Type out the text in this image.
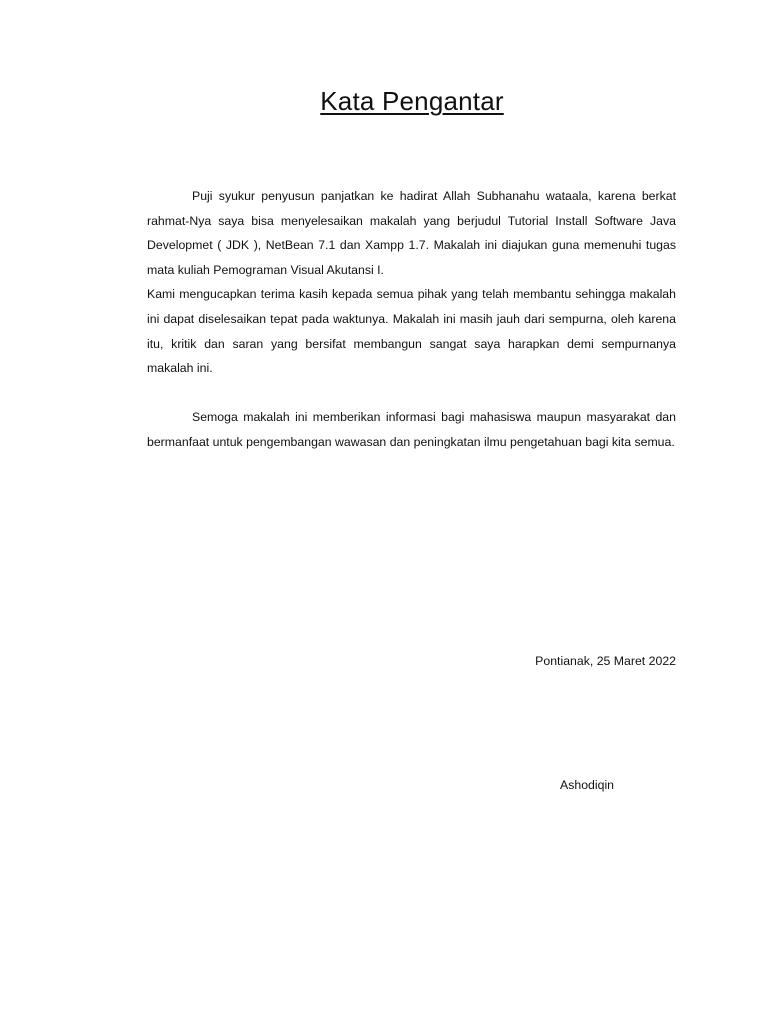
Kata Pengantar

Puji syukur penyusun panjatkan ke hadirat Allah Subhanahu wataala, karena berkat rahmat-Nya saya bisa menyelesaikan makalah yang berjudul Tutorial Install Software Java Developmet ( JDK ), NetBean 7.1 dan Xampp 1.7. Makalah ini diajukan guna memenuhi tugas mata kuliah Pemograman Visual Akutansi I.

Kami mengucapkan terima kasih kepada semua pihak yang telah membantu sehingga makalah ini dapat diselesaikan tepat pada waktunya. Makalah ini masih jauh dari sempurna, oleh karena itu, kritik dan saran yang bersifat membangun sangat saya harapkan demi sempurnanya makalah ini.

Semoga makalah ini memberikan informasi bagi mahasiswa maupun masyarakat dan bermanfaat untuk pengembangan wawasan dan peningkatan ilmu pengetahuan bagi kita semua.

Pontianak, 25 Maret 2022

Ashodiqin
